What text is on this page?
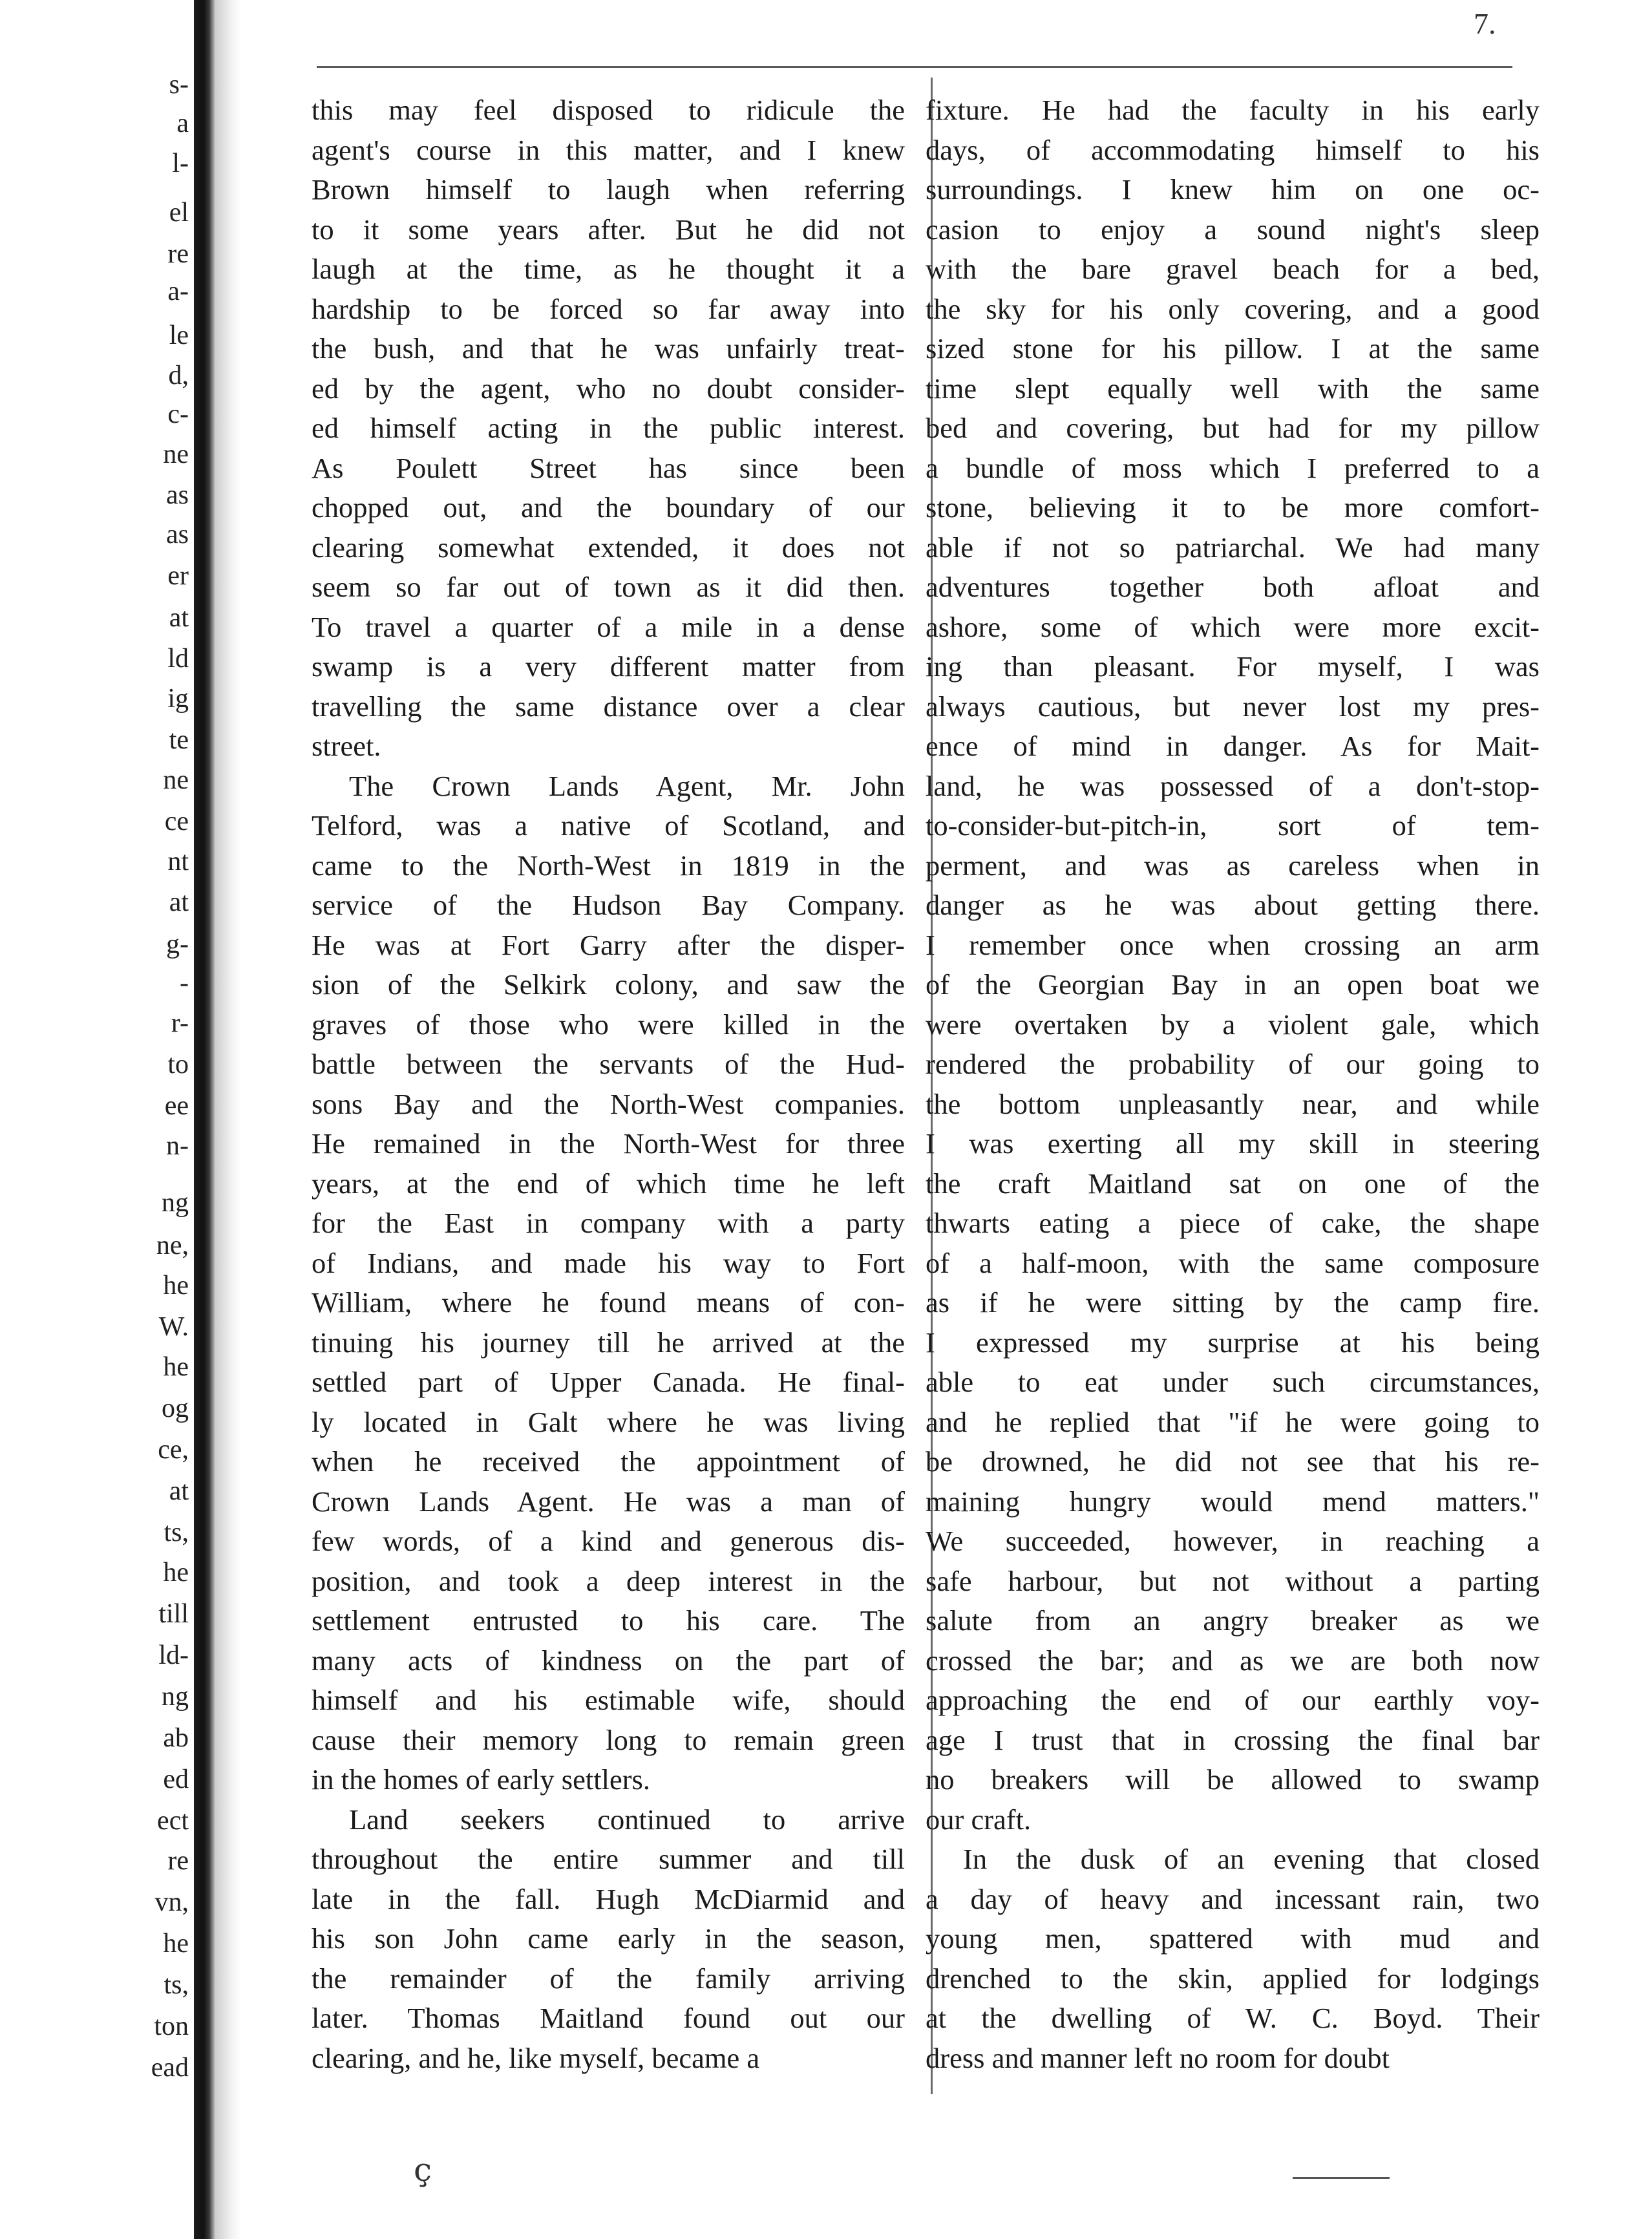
s-
a
l-
el
re
a-
le
d,
c-
ne
as
as
er
at
ld
ig
te
ne
ce
nt
at
g-
-
r-
to
ee
n-
ng
ne,
he
W.
he
og
ce,
at
ts,
he
till
ld-
ng
ab
ed
ect
re
vn,
he
ts,
ton
ead
7.
this may feel disposed to ridicule the
agent's course in this matter, and I knew
Brown himself to laugh when referring
to it some years after. But he did not
laugh at the time, as he thought it a
hardship to be forced so far away into
the bush, and that he was unfairly treat-
ed by the agent, who no doubt consider-
ed himself acting in the public interest.
As Poulett Street has since been
chopped out, and the boundary of our
clearing somewhat extended, it does not
seem so far out of town as it did then.
To travel a quarter of a mile in a dense
swamp is a very different matter from
travelling the same distance over a clear
street.
The Crown Lands Agent, Mr. John
Telford, was a native of Scotland, and
came to the North-West in 1819 in the
service of the Hudson Bay Company.
He was at Fort Garry after the disper-
sion of the Selkirk colony, and saw the
graves of those who were killed in the
battle between the servants of the Hud-
sons Bay and the North-West companies.
He remained in the North-West for three
years, at the end of which time he left
for the East in company with a party
of Indians, and made his way to Fort
William, where he found means of con-
tinuing his journey till he arrived at the
settled part of Upper Canada. He final-
ly located in Galt where he was living
when he received the appointment of
Crown Lands Agent. He was a man of
few words, of a kind and generous dis-
position, and took a deep interest in the
settlement entrusted to his care. The
many acts of kindness on the part of
himself and his estimable wife, should
cause their memory long to remain green
in the homes of early settlers.
Land seekers continued to arrive
throughout the entire summer and till
late in the fall. Hugh McDiarmid and
his son John came early in the season,
the remainder of the family arriving
later. Thomas Maitland found out our
clearing, and he, like myself, became a
fixture. He had the faculty in his early
days, of accommodating himself to his
surroundings. I knew him on one oc-
casion to enjoy a sound night's sleep
with the bare gravel beach for a bed,
the sky for his only covering, and a good
sized stone for his pillow. I at the same
time slept equally well with the same
bed and covering, but had for my pillow
a bundle of moss which I preferred to a
stone, believing it to be more comfort-
able if not so patriarchal. We had many
adventures together both afloat and
ashore, some of which were more excit-
ing than pleasant. For myself, I was
always cautious, but never lost my pres-
ence of mind in danger. As for Mait-
land, he was possessed of a don't-stop-
to-consider-but-pitch-in, sort of tem-
perment, and was as careless when in
danger as he was about getting there.
I remember once when crossing an arm
of the Georgian Bay in an open boat we
were overtaken by a violent gale, which
rendered the probability of our going to
the bottom unpleasantly near, and while
I was exerting all my skill in steering
the craft Maitland sat on one of the
thwarts eating a piece of cake, the shape
of a half-moon, with the same composure
as if he were sitting by the camp fire.
I expressed my surprise at his being
able to eat under such circumstances,
and he replied that "if he were going to
be drowned, he did not see that his re-
maining hungry would mend matters."
We succeeded, however, in reaching a
safe harbour, but not without a parting
salute from an angry breaker as we
crossed the bar; and as we are both now
approaching the end of our earthly voy-
age I trust that in crossing the final bar
no breakers will be allowed to swamp
our craft.
In the dusk of an evening that closed
a day of heavy and incessant rain, two
young men, spattered with mud and
drenched to the skin, applied for lodgings
at the dwelling of W. C. Boyd. Their
dress and manner left no room for doubt
ç
